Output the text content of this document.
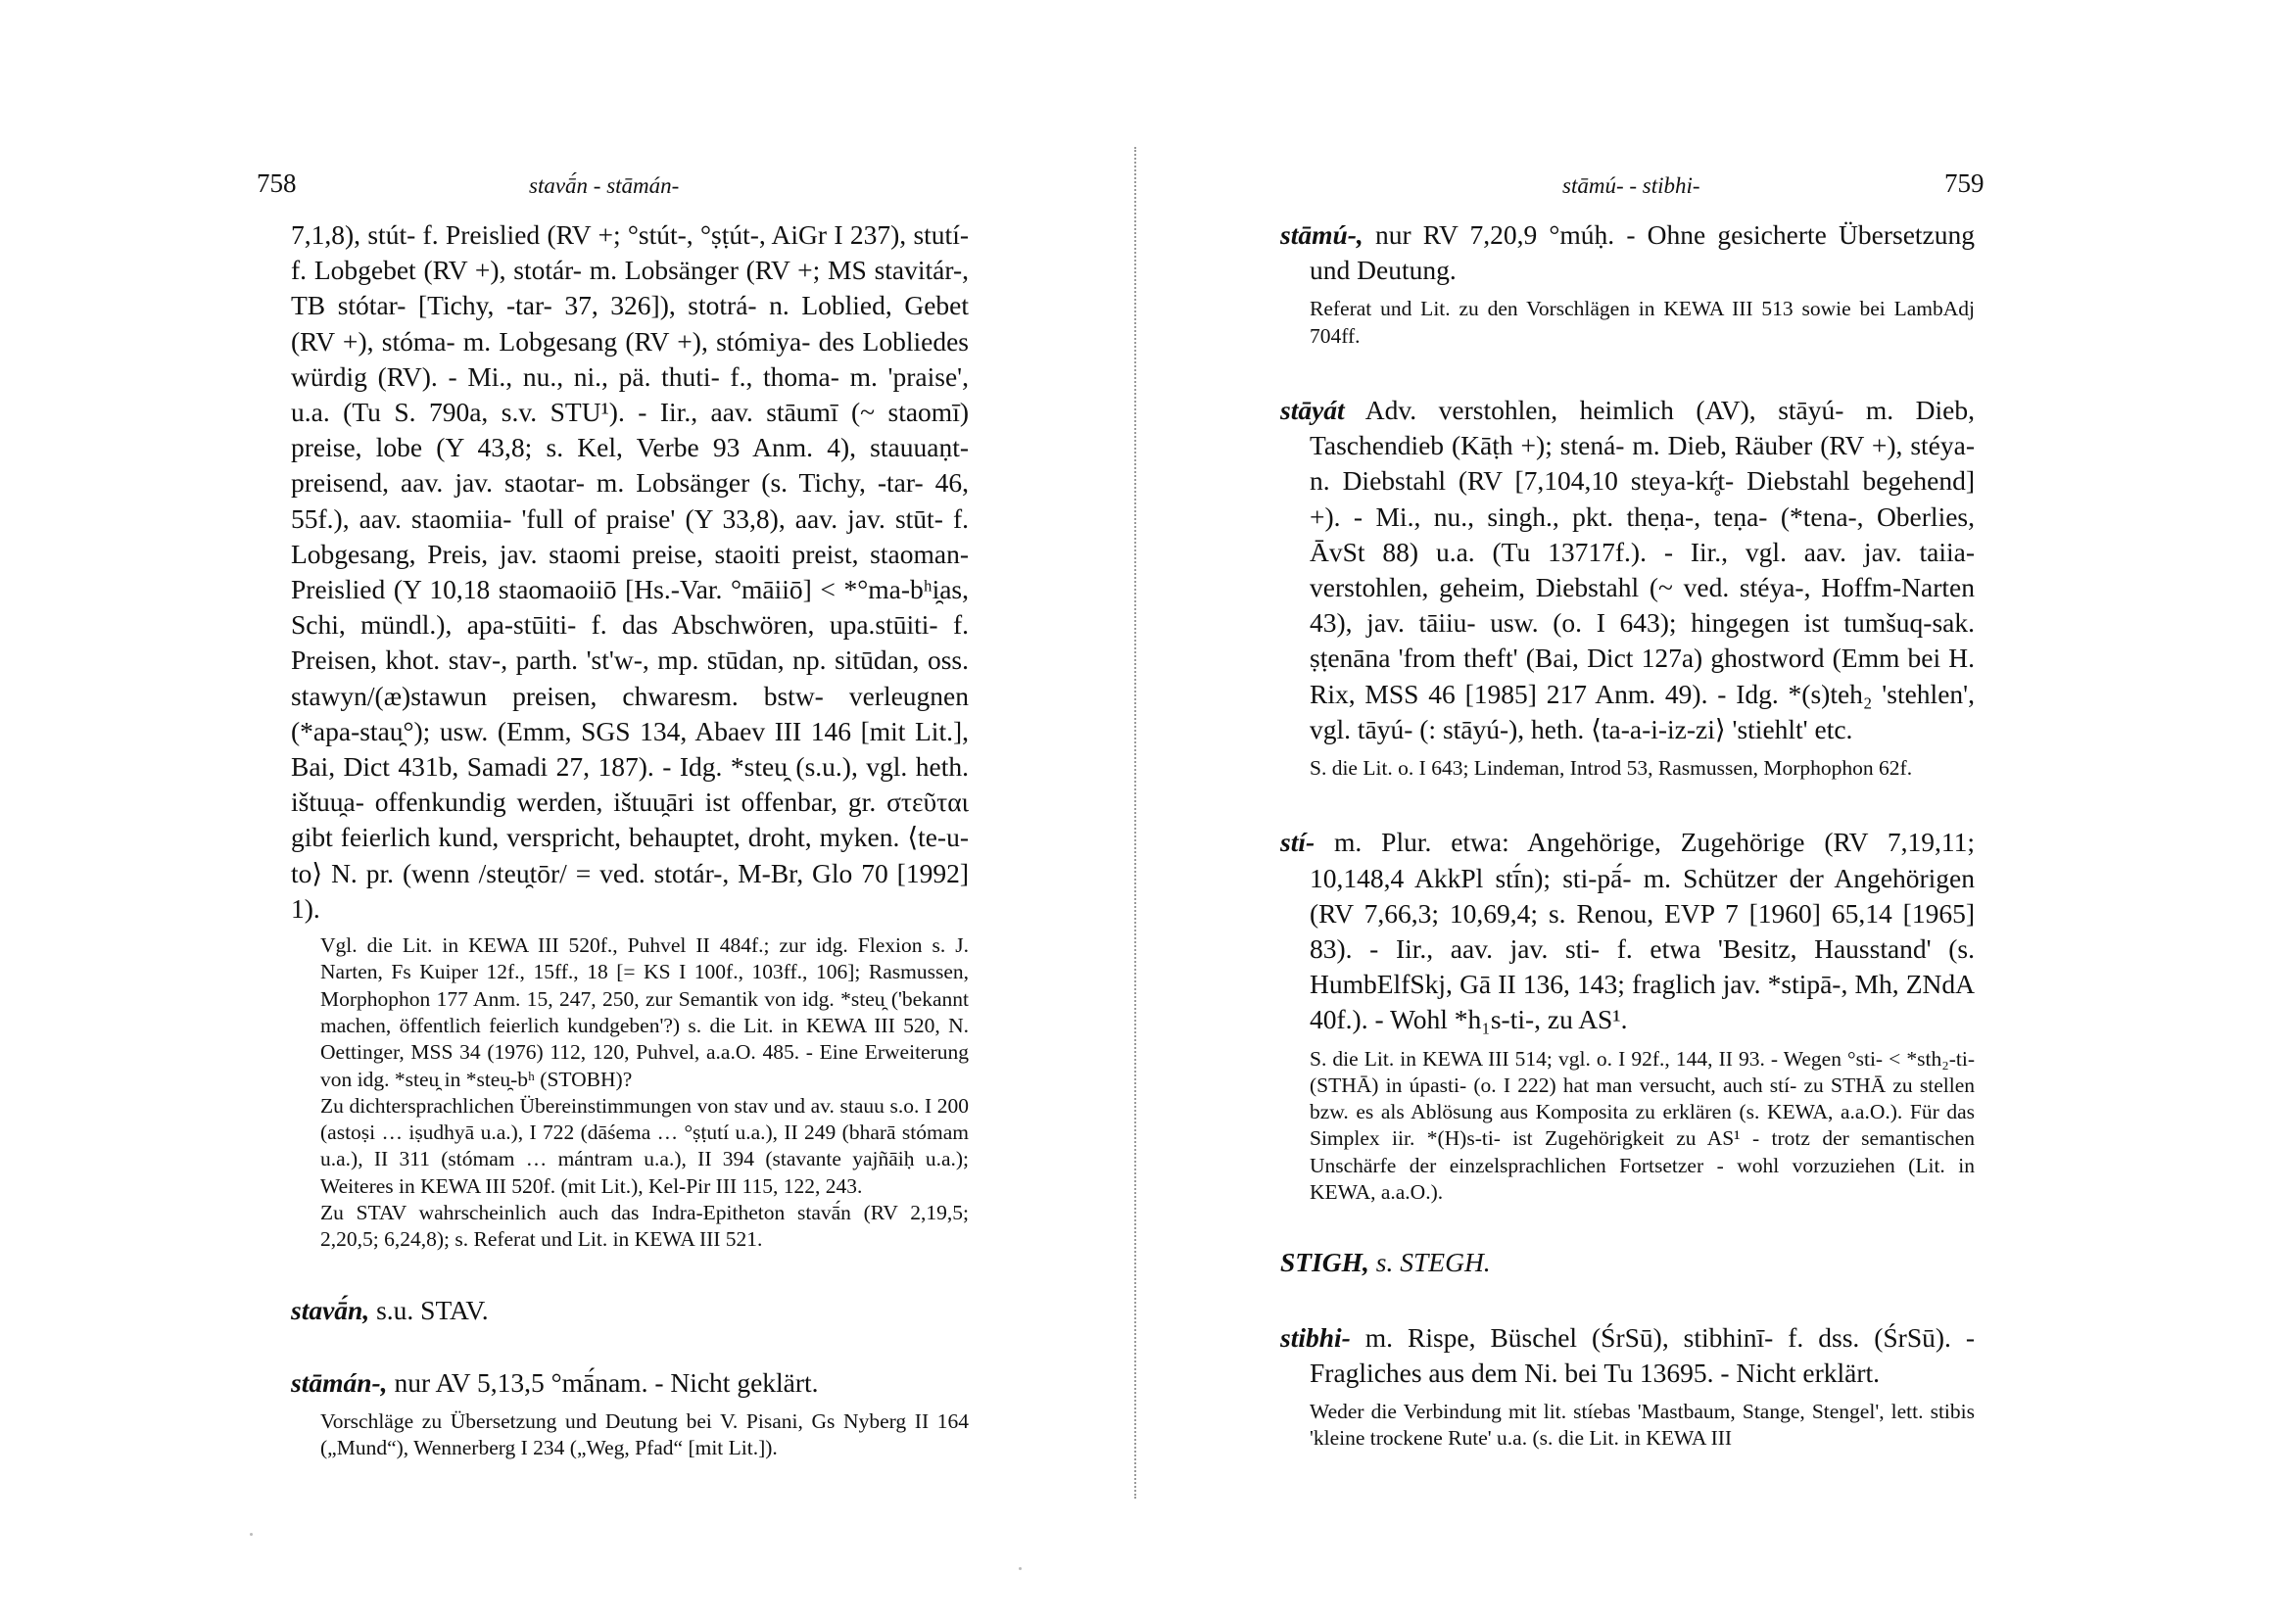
758	stavā́n - stāmán-

7,1,8), stút- f. Preislied (RV +; °stút-, °ṣṭút-, AiGr I 237), stutí- f. Lobgebet (RV +), stotár- m. Lobsänger (RV +; MS stavitár-, TB stótar- [Tichy, -tar- 37, 326]), stotrá- n. Loblied, Gebet (RV +), stóma- m. Lobgesang (RV +), stómiya- des Lobliedes würdig (RV). - Mi., nu., ni., pä. thuti- f., thoma- m. 'praise', u.a. (Tu S. 790a, s.v. STU¹). - Iir., aav. stāumī (~ staomī) preise, lobe (Y 43,8; s. Kel, Verbe 93 Anm. 4), stauuaṇt- preisend, aav. jav. staotar- m. Lobsänger (s. Tichy, -tar- 46, 55f.), aav. staomiia- 'full of praise' (Y 33,8), aav. jav. stūt- f. Lobgesang, Preis, jav. staomi preise, staoiti preist, staoman- Preislied (Y 10,18 staomaoiiō [Hs.-Var. °māiiō] < *°ma-bʰi̯as, Schi, mündl.), apa-stūiti- f. das Abschwören, upa.stūiti- f. Preisen, khot. stav-, parth. 'st'w-, mp. stūdan, np. sitūdan, oss. stawyn/(æ)stawun preisen, chwaresm. bstw- verleugnen (*apa-stau̯°); usw. (Emm, SGS 134, Abaev III 146 [mit Lit.], Bai, Dict 431b, Samadi 27, 187). - Idg. *steu̯ (s.u.), vgl. heth. ištuu̯a- offenkundig werden, ištuu̯āri ist offenbar, gr. στεῦται gibt feierlich kund, verspricht, behauptet, droht, myken. ⟨te-u-to⟩ N. pr. (wenn /steu̯tōr/ = ved. stotár-, M-Br, Glo 70 [1992] 1).

Vgl. die Lit. in KEWA III 520f., Puhvel II 484f.; zur idg. Flexion s. J. Narten, Fs Kuiper 12f., 15ff., 18 [= KS I 100f., 103ff., 106]; Rasmussen, Morphophon 177 Anm. 15, 247, 250, zur Semantik von idg. *steu̯ ('bekannt machen, öffentlich feierlich kundgeben'?) s. die Lit. in KEWA III 520, N. Oettinger, MSS 34 (1976) 112, 120, Puhvel, a.a.O. 485. - Eine Erweiterung von idg. *steu̯ in *steu̯-bʰ (STOBH)?

Zu dichtersprachlichen Übereinstimmungen von stav und av. stauu s.o. I 200 (astoṣi … iṣudhyā u.a.), I 722 (dāśema … °ṣṭutí u.a.), II 249 (bharā stómam u.a.), II 311 (stómam … mántram u.a.), II 394 (stavante yajñāiḥ u.a.); Weiteres in KEWA III 520f. (mit Lit.), Kel-Pir III 115, 122, 243.

Zu STAV wahrscheinlich auch das Indra-Epitheton stavā́n (RV 2,19,5; 2,20,5; 6,24,8); s. Referat und Lit. in KEWA III 521.

stavā́n, s.u. STAV.

stāmán-, nur AV 5,13,5 °mā́nam. - Nicht geklärt.

Vorschläge zu Übersetzung und Deutung bei V. Pisani, Gs Nyberg II 164 („Mund“), Wennerberg I 234 („Weg, Pfad“ [mit Lit.]).

stāmú- - stibhi-	759

stāmú-, nur RV 7,20,9 °múḥ. - Ohne gesicherte Übersetzung und Deutung.

Referat und Lit. zu den Vorschlägen in KEWA III 513 sowie bei LambAdj 704ff.

stāyát Adv. verstohlen, heimlich (AV), stāyú- m. Dieb, Taschendieb (Kāṭh +); stená- m. Dieb, Räuber (RV +), stéya- n. Diebstahl (RV [7,104,10 steya-kŕ̥t- Diebstahl begehend] +). - Mi., nu., singh., pkt. theṇa-, teṇa- (*tena-, Oberlies, ĀvSt 88) u.a. (Tu 13717f.). - Iir., vgl. aav. jav. taiia- verstohlen, geheim, Diebstahl (~ ved. stéya-, Hoffm-Narten 43), jav. tāiiu- usw. (o. I 643); hingegen ist tumšuq-sak. ṣṭenāna 'from theft' (Bai, Dict 127a) ghostword (Emm bei H. Rix, MSS 46 [1985] 217 Anm. 49). - Idg. *(s)teh₂ 'stehlen', vgl. tāyú- (: stāyú-), heth. ⟨ta-a-i-iz-zi⟩ 'stiehlt' etc.

S. die Lit. o. I 643; Lindeman, Introd 53, Rasmussen, Morphophon 62f.

stí- m. Plur. etwa: Angehörige, Zugehörige (RV 7,19,11; 10,148,4 AkkPl stī́n); sti-pā́- m. Schützer der Angehörigen (RV 7,66,3; 10,69,4; s. Renou, EVP 7 [1960] 65,14 [1965] 83). - Iir., aav. jav. sti- f. etwa 'Besitz, Hausstand' (s. HumbElfSkj, Gā II 136, 143; fraglich jav. *stipā-, Mh, ZNdA 40f.). - Wohl *h₁s-ti-, zu AS¹.

S. die Lit. in KEWA III 514; vgl. o. I 92f., 144, II 93. - Wegen °sti- < *sth₂-ti- (STHĀ) in úpasti- (o. I 222) hat man versucht, auch stí- zu STHĀ zu stellen bzw. es als Ablösung aus Komposita zu erklären (s. KEWA, a.a.O.). Für das Simplex iir. *(H)s-ti- ist Zugehörigkeit zu AS¹ - trotz der semantischen Unschärfe der einzelsprachlichen Fortsetzer - wohl vorzuziehen (Lit. in KEWA, a.a.O.).

STIGH, s. STEGH.

stibhi- m. Rispe, Büschel (ŚrSū), stibhinī- f. dss. (ŚrSū). - Fragliches aus dem Ni. bei Tu 13695. - Nicht erklärt.

Weder die Verbindung mit lit. stíebas 'Mastbaum, Stange, Stengel', lett. stibis 'kleine trockene Rute' u.a. (s. die Lit. in KEWA III
